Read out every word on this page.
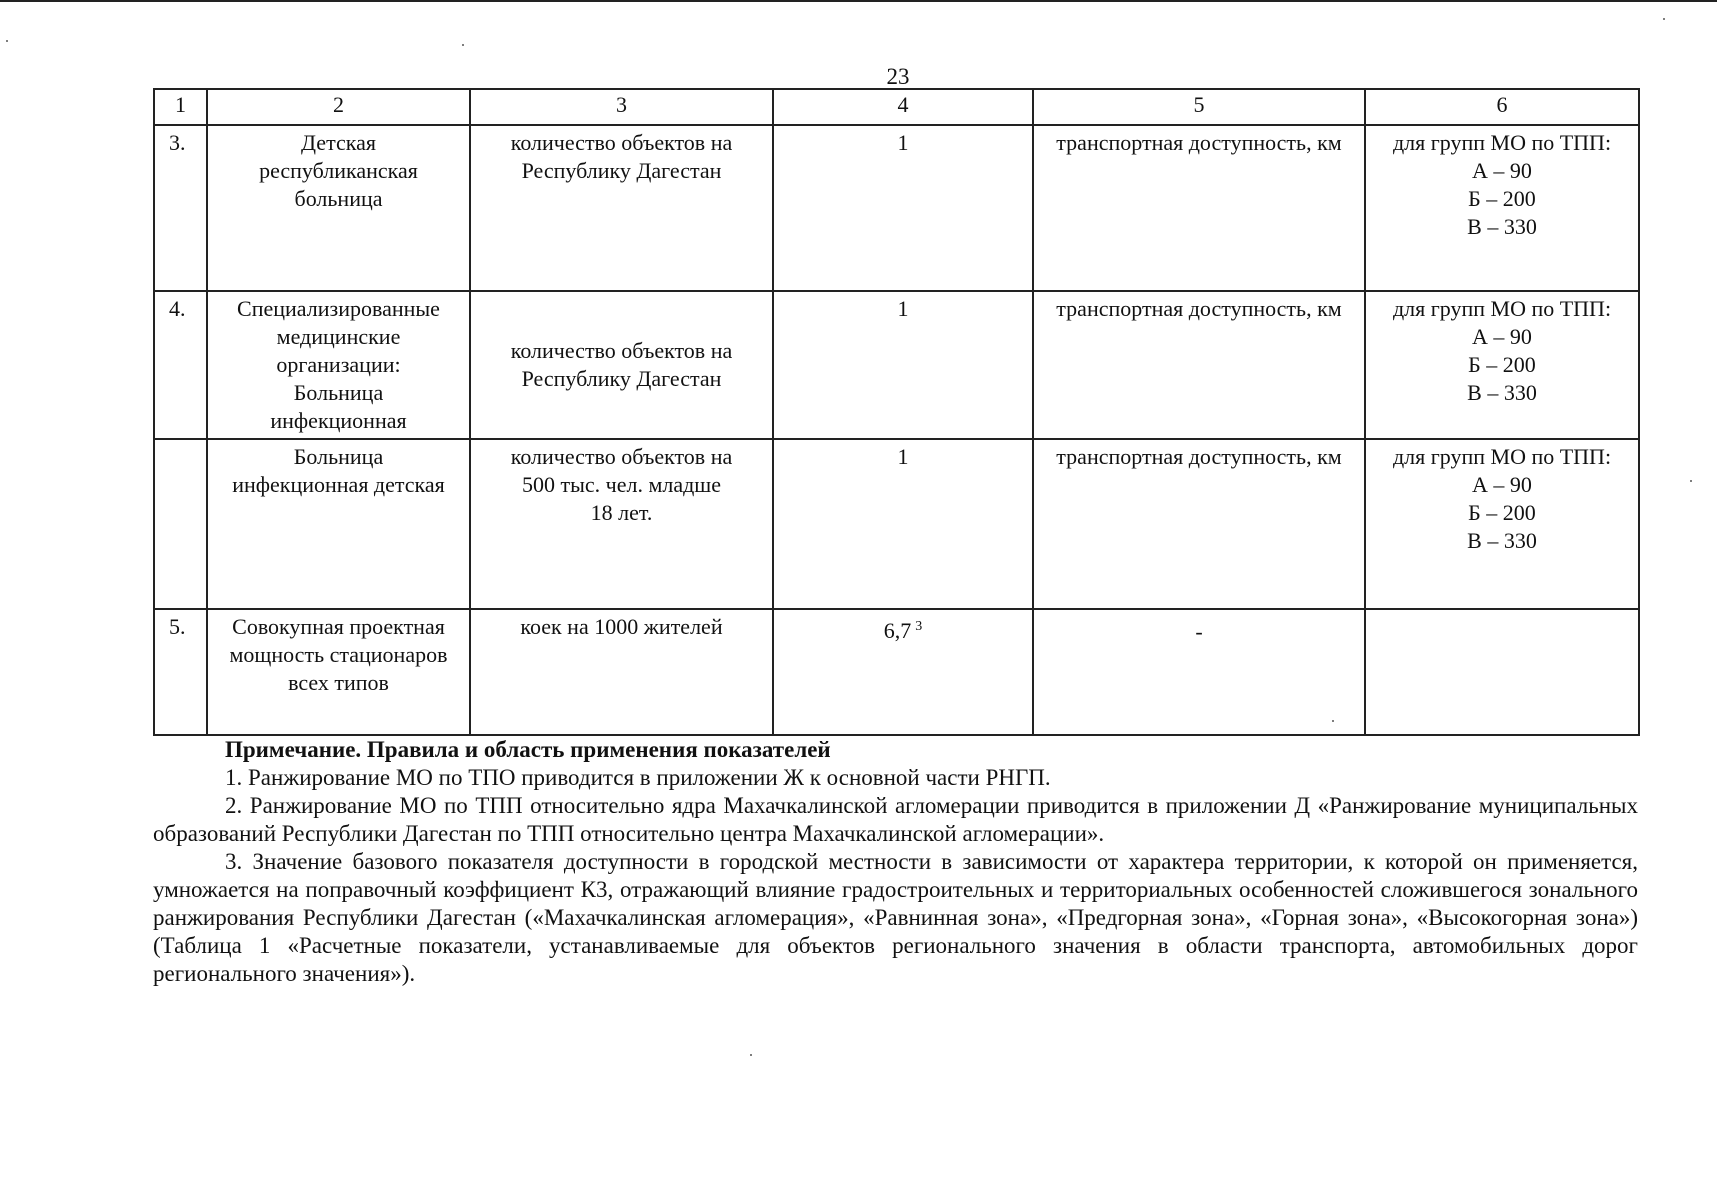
23
1	2	3	4	5	6
3.	Детская
республиканская
больница	количество объектов на
Республику Дагестан	1	транспортная доступность, км	для групп МО по ТПП:
А – 90
Б – 200
В – 330

4.	Специализированные
медицинские
организации:
Больница
инфекционная	количество объектов на
Республику Дагестан	1	транспортная доступность, км	для групп МО по ТПП:
А – 90
Б – 200
В – 330

	Больница
инфекционная детская	количество объектов на
500 тыс. чел. младше
18 лет.	1	транспортная доступность, км	для групп МО по ТПП:
А – 90
Б – 200
В – 330

5.	Совокупная проектная
мощность стационаров
всех типов	коек на 1000 жителей	6,7 $^3$	-	
Примечание. Правила и область применения показателей

1. Ранжирование МО по ТПО приводится в приложении Ж к основной части РНГП.

2. Ранжирование МО по ТПП относительно ядра Махачкалинской агломерации приводится в приложении Д «Ранжирование муниципальных образований Республики Дагестан по ТПП относительно центра Махачкалинской агломерации».

3. Значение базового показателя доступности в городской местности в зависимости от характера территории, к которой он применяется, умножается на поправочный коэффициент К3, отражающий влияние градостроительных и территориальных особенностей сложившегося зонального ранжирования Республики Дагестан («Махачкалинская агломерация», «Равнинная зона», «Предгорная зона», «Горная зона», «Высокогорная зона») (Таблица 1 «Расчетные показатели, устанавливаемые для объектов регионального значения в области транспорта, автомобильных дорог регионального значения»).
